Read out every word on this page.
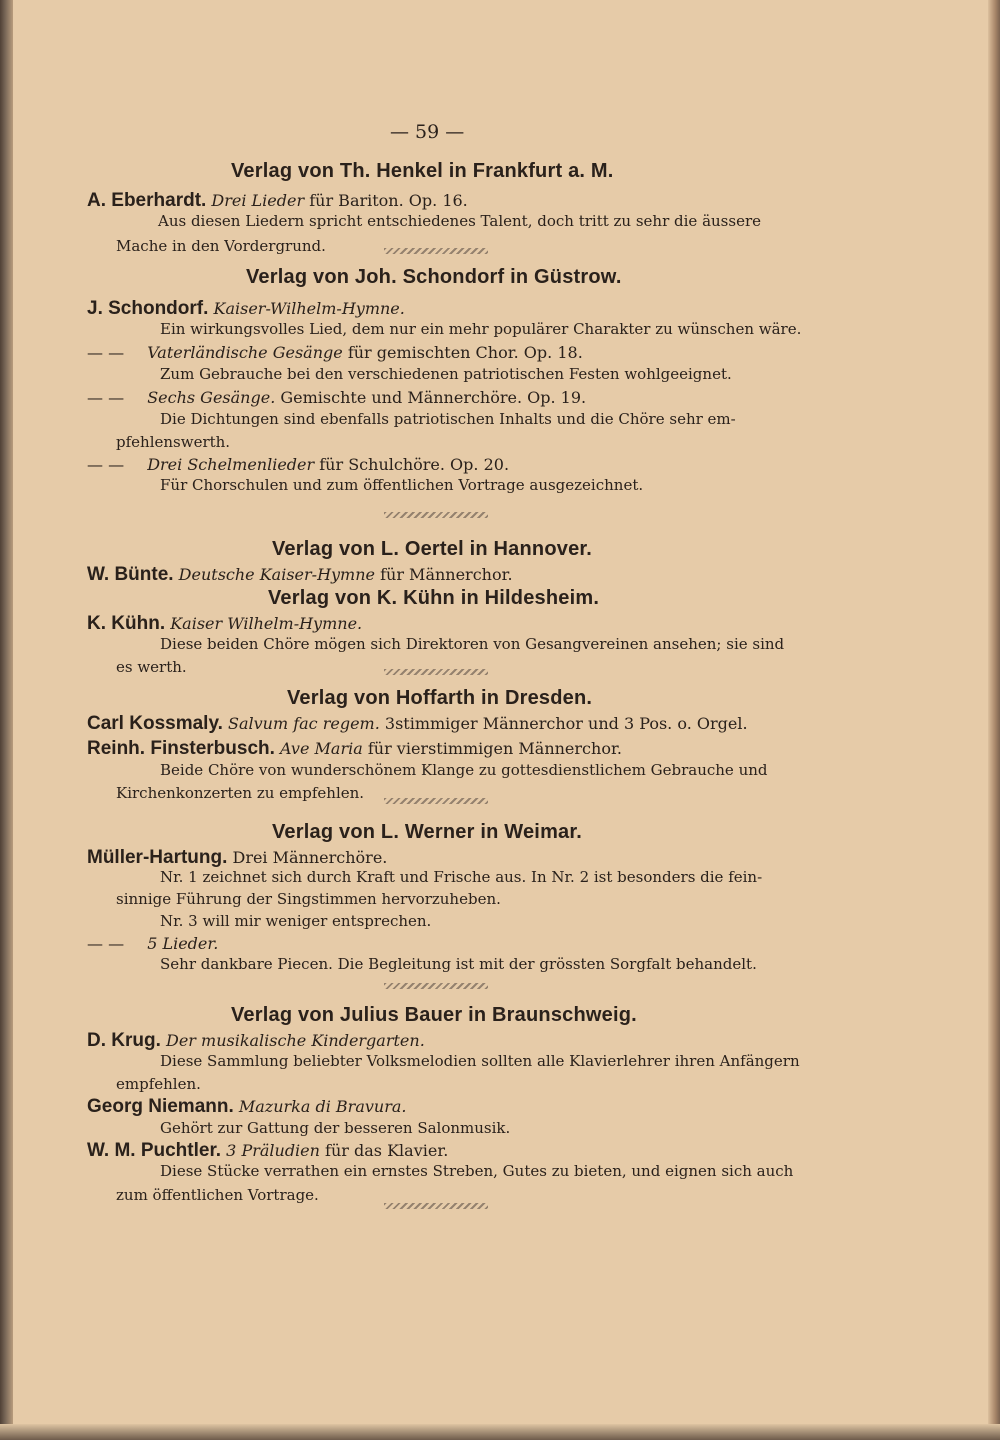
— 59 —
Verlag von Th. Henkel in Frankfurt a. M.
A. Eberhardt. Drei Lieder für Bariton. Op. 16.
Aus diesen Liedern spricht entschiedenes Talent, doch tritt zu sehr die äussere
Mache in den Vordergrund.
Verlag von Joh. Schondorf in Güstrow.
J. Schondorf. Kaiser-Wilhelm-Hymne.
Ein wirkungsvolles Lied, dem nur ein mehr populärer Charakter zu wünschen wäre.
— — Vaterländische Gesänge für gemischten Chor. Op. 18.
Zum Gebrauche bei den verschiedenen patriotischen Festen wohlgeeignet.
— — Sechs Gesänge. Gemischte und Männerchöre. Op. 19.
Die Dichtungen sind ebenfalls patriotischen Inhalts und die Chöre sehr em-
pfehlenswerth.
— — Drei Schelmenlieder für Schulchöre. Op. 20.
Für Chorschulen und zum öffentlichen Vortrage ausgezeichnet.
Verlag von L. Oertel in Hannover.
W. Bünte. Deutsche Kaiser-Hymne für Männerchor.
Verlag von K. Kühn in Hildesheim.
K. Kühn. Kaiser Wilhelm-Hymne.
Diese beiden Chöre mögen sich Direktoren von Gesangvereinen ansehen; sie sind
es werth.
Verlag von Hoffarth in Dresden.
Carl Kossmaly. Salvum fac regem. 3stimmiger Männerchor und 3 Pos. o. Orgel.
Reinh. Finsterbusch. Ave Maria für vierstimmigen Männerchor.
Beide Chöre von wunderschönem Klange zu gottesdienstlichem Gebrauche und
Kirchenkonzerten zu empfehlen.
Verlag von L. Werner in Weimar.
Müller-Hartung. Drei Männerchöre.
Nr. 1 zeichnet sich durch Kraft und Frische aus. In Nr. 2 ist besonders die fein-
sinnige Führung der Singstimmen hervorzuheben.
Nr. 3 will mir weniger entsprechen.
— — 5 Lieder.
Sehr dankbare Piecen. Die Begleitung ist mit der grössten Sorgfalt behandelt.
Verlag von Julius Bauer in Braunschweig.
D. Krug. Der musikalische Kindergarten.
Diese Sammlung beliebter Volksmelodien sollten alle Klavierlehrer ihren Anfängern
empfehlen.
Georg Niemann. Mazurka di Bravura.
Gehört zur Gattung der besseren Salonmusik.
W. M. Puchtler. 3 Präludien für das Klavier.
Diese Stücke verrathen ein ernstes Streben, Gutes zu bieten, und eignen sich auch
zum öffentlichen Vortrage.
